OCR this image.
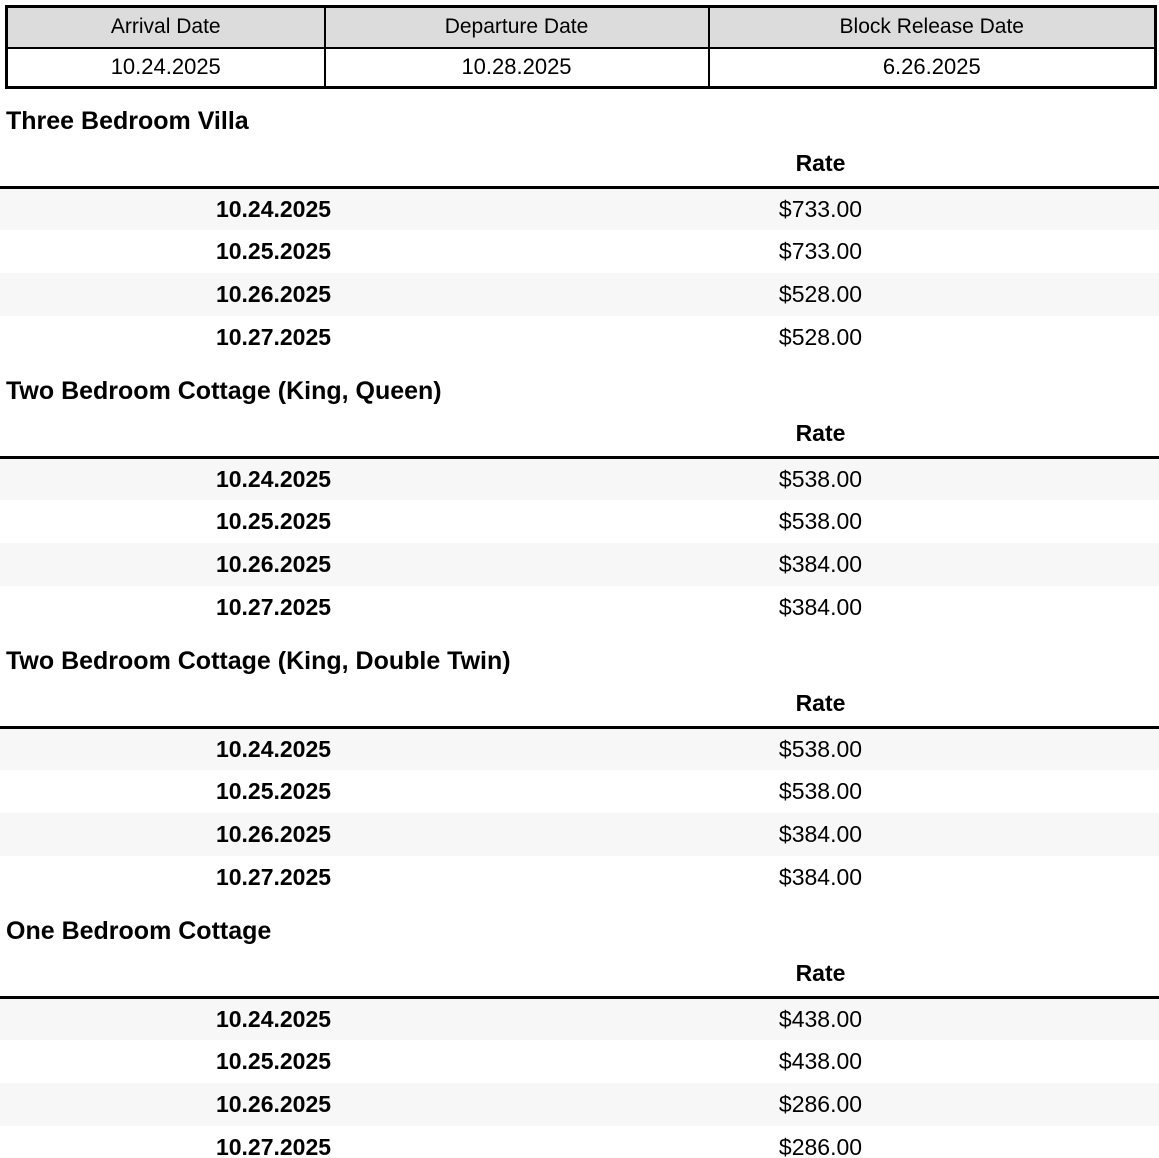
Arrival Date	Departure Date	Block Release Date
10.24.2025	10.28.2025	6.26.2025
Three Bedroom Villa
	Rate	
10.24.2025	$733.00	
10.25.2025	$733.00	
10.26.2025	$528.00	
10.27.2025	$528.00	
Two Bedroom Cottage (King, Queen)
	Rate	
10.24.2025	$538.00	
10.25.2025	$538.00	
10.26.2025	$384.00	
10.27.2025	$384.00	
Two Bedroom Cottage (King, Double Twin)
	Rate	
10.24.2025	$538.00	
10.25.2025	$538.00	
10.26.2025	$384.00	
10.27.2025	$384.00	
One Bedroom Cottage
	Rate	
10.24.2025	$438.00	
10.25.2025	$438.00	
10.26.2025	$286.00	
10.27.2025	$286.00	
